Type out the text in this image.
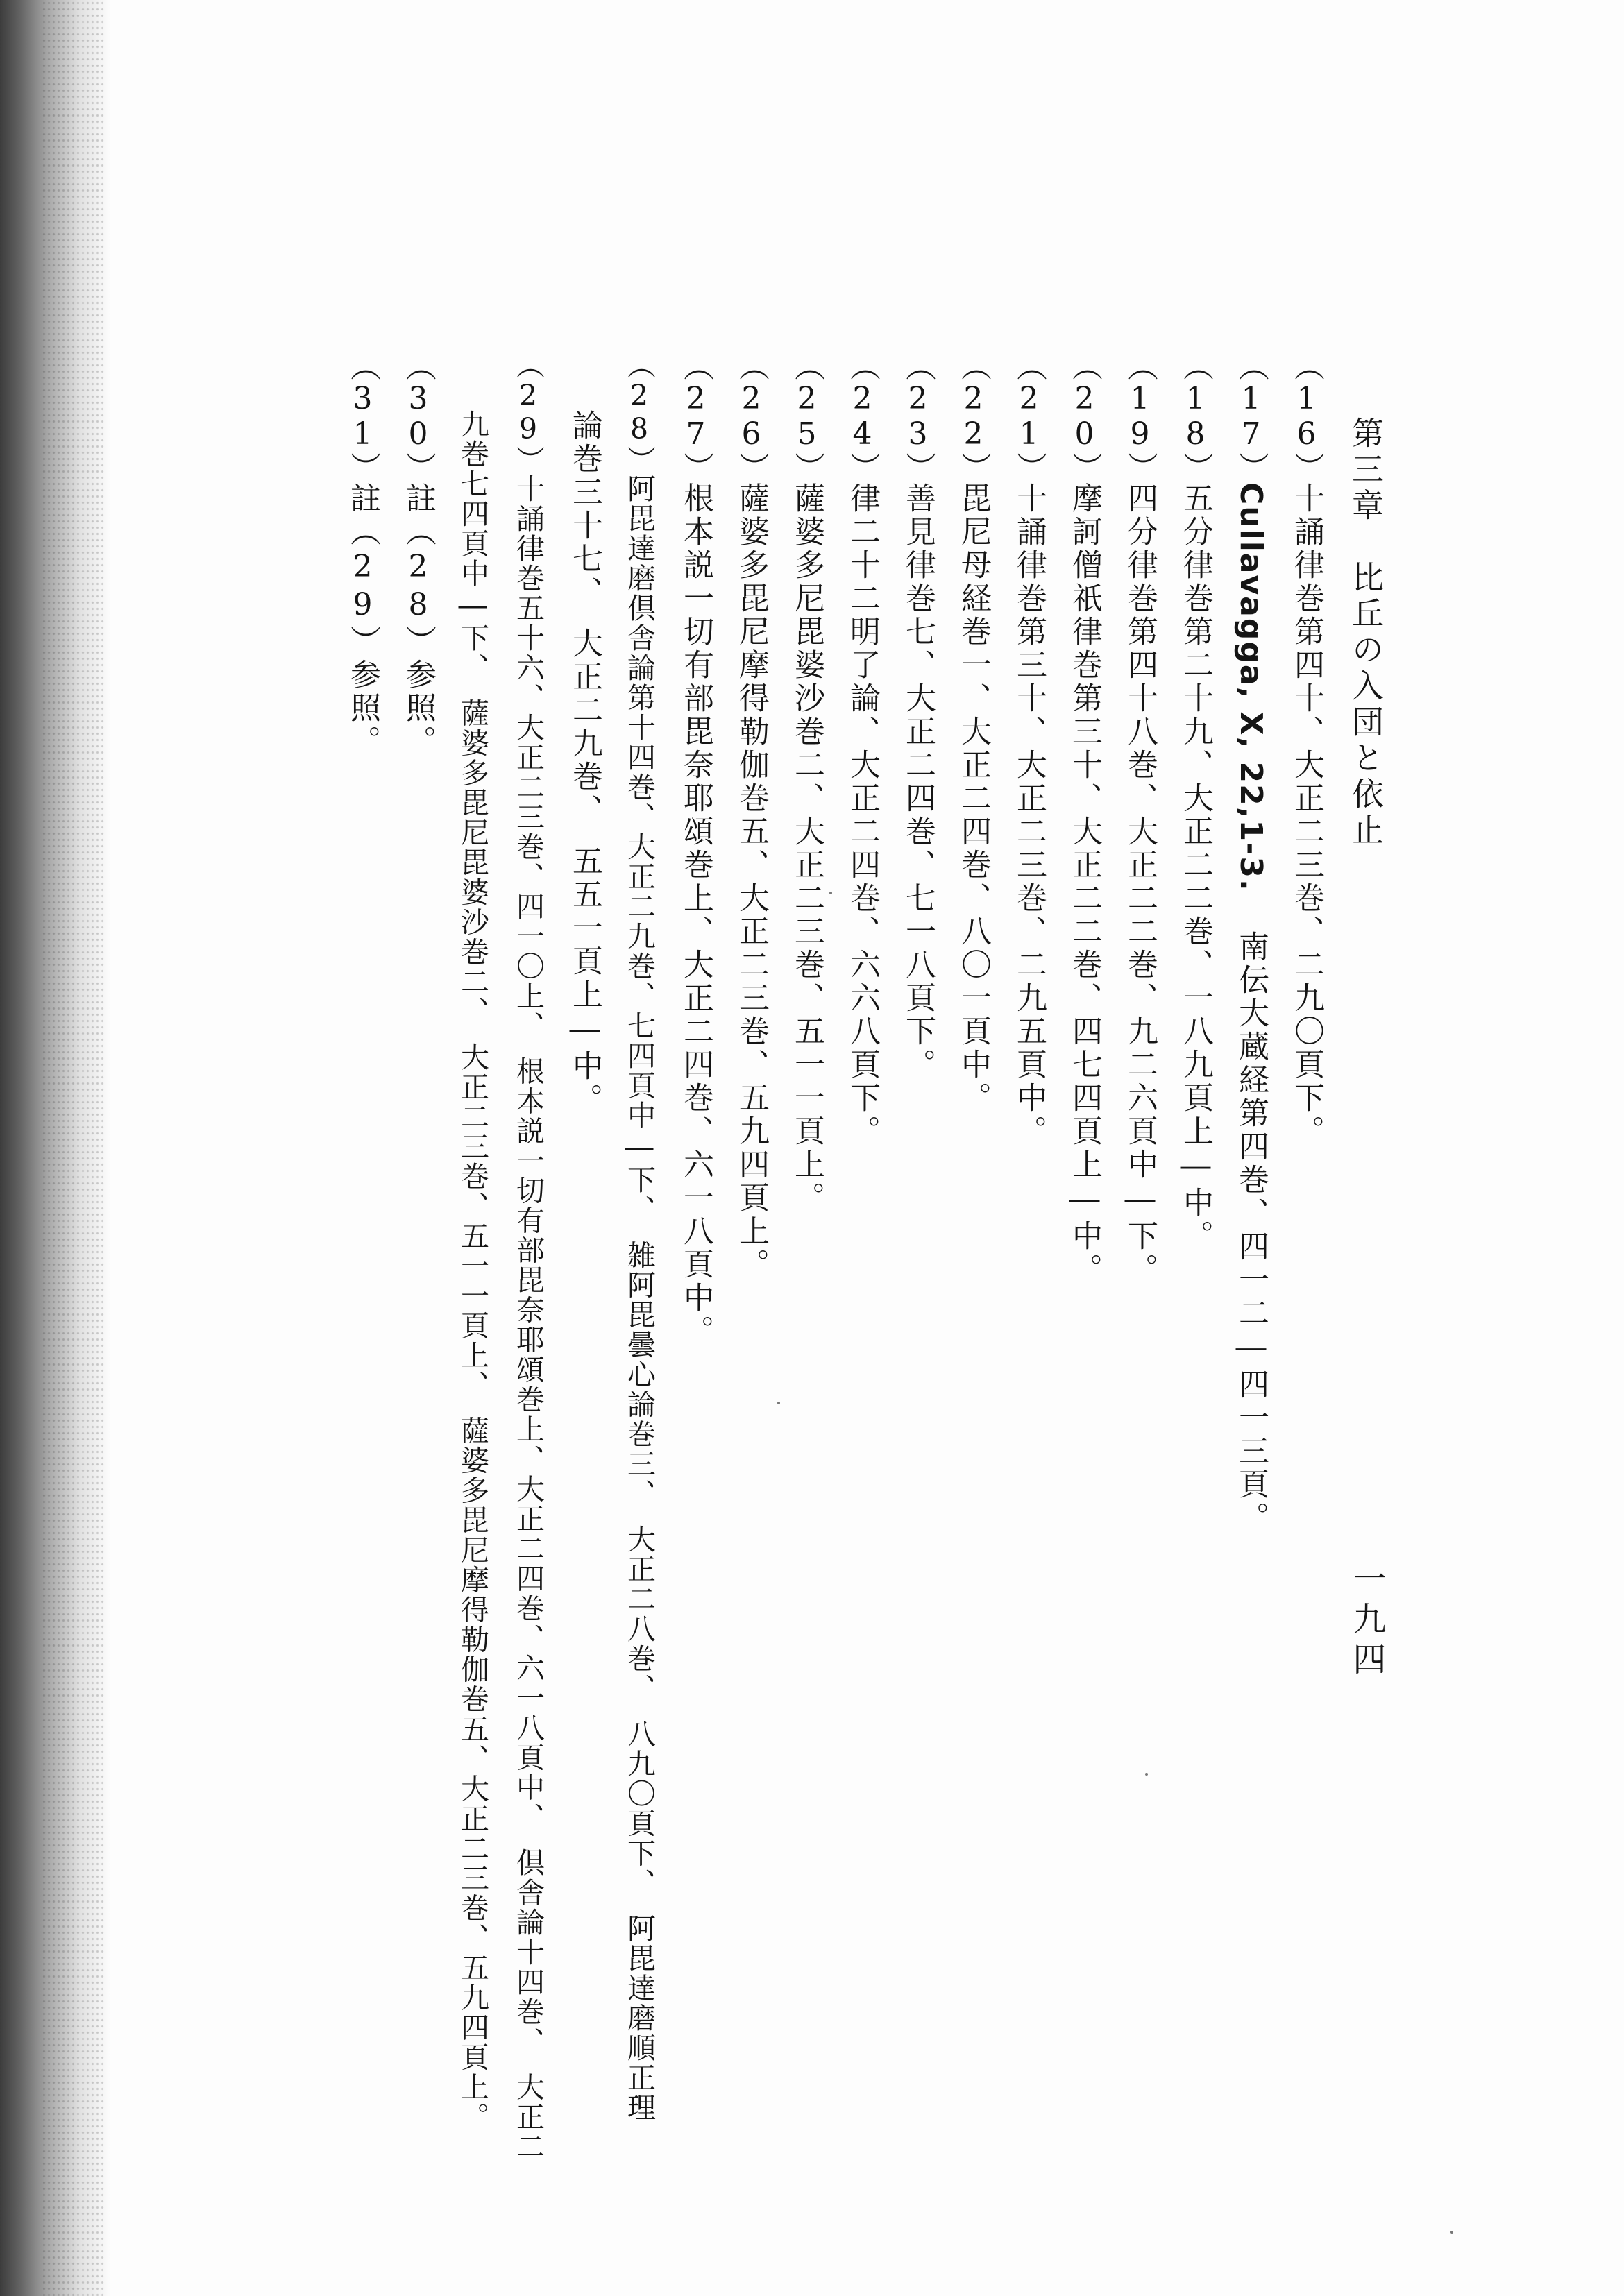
第三章　比丘の入団と依止
一九四
（16）十誦律巻第四十、大正二三巻、二九〇頁下。
（17）Cullavagga, X, 22,1-3. 南伝大蔵経第四巻、四一二―四一三頁。
（18）五分律巻第二十九、大正二二巻、一八九頁上―中。
（19）四分律巻第四十八巻、大正二二巻、九二六頁中―下。
（20）摩訶僧祇律巻第三十、大正二二巻、四七四頁上―中。
（21）十誦律巻第三十、大正二三巻、二九五頁中。
（22）毘尼母経巻一、大正二四巻、八〇一頁中。
（23）善見律巻七、大正二四巻、七一八頁下。
（24）律二十二明了論、大正二四巻、六六八頁下。
（25）薩婆多尼毘婆沙巻二、大正二三巻、五一一頁上。
（26）薩婆多毘尼摩得勒伽巻五、大正二三巻、五九四頁上。
（27）根本説一切有部毘奈耶頌巻上、大正二四巻、六一八頁中。
（28）阿毘達磨倶舎論第十四巻、大正二九巻、七四頁中―下、　雑阿毘曇心論巻三、　大正二八巻、　八九〇頁下、　阿毘達磨順正理
論巻三十七、　大正二九巻、　五五一頁上―中。
（29）十誦律巻五十六、大正二三巻、四一〇上、　根本説一切有部毘奈耶頌巻上、大正二四巻、六一八頁中、　倶舎論十四巻、　大正二
九巻七四頁中―下、　薩婆多毘尼毘婆沙巻二、　大正二三巻、五一一頁上、　薩婆多毘尼摩得勒伽巻五、大正二三巻、五九四頁上。
（30）註（28）参照。
（31）註（29）参照。
